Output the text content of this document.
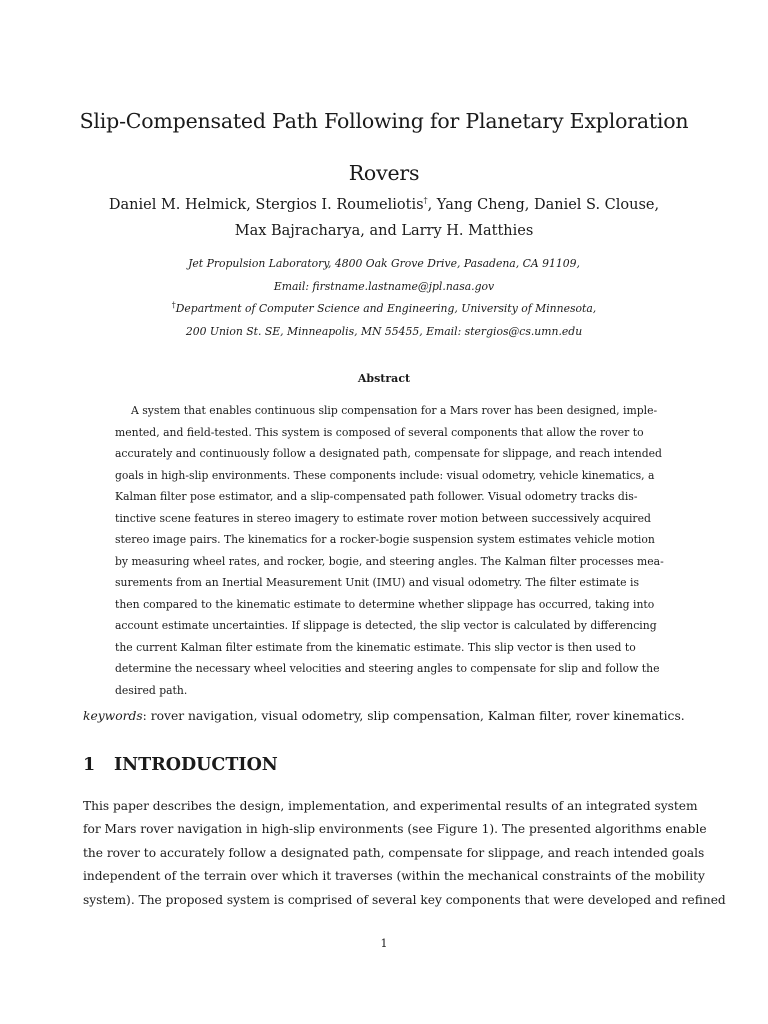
Slip-Compensated Path Following for Planetary Exploration
Rovers
Daniel M. Helmick, Stergios I. Roumeliotis†, Yang Cheng, Daniel S. Clouse,
Max Bajracharya, and Larry H. Matthies
Jet Propulsion Laboratory, 4800 Oak Grove Drive, Pasadena, CA 91109,
Email: firstname.lastname@jpl.nasa.gov
†Department of Computer Science and Engineering, University of Minnesota,
200 Union St. SE, Minneapolis, MN 55455, Email: stergios@cs.umn.edu
Abstract
A system that enables continuous slip compensation for a Mars rover has been designed, imple-
mented, and field-tested. This system is composed of several components that allow the rover to
accurately and continuously follow a designated path, compensate for slippage, and reach intended
goals in high-slip environments. These components include: visual odometry, vehicle kinematics, a
Kalman filter pose estimator, and a slip-compensated path follower. Visual odometry tracks dis-
tinctive scene features in stereo imagery to estimate rover motion between successively acquired
stereo image pairs. The kinematics for a rocker-bogie suspension system estimates vehicle motion
by measuring wheel rates, and rocker, bogie, and steering angles. The Kalman filter processes mea-
surements from an Inertial Measurement Unit (IMU) and visual odometry. The filter estimate is
then compared to the kinematic estimate to determine whether slippage has occurred, taking into
account estimate uncertainties. If slippage is detected, the slip vector is calculated by differencing
the current Kalman filter estimate from the kinematic estimate. This slip vector is then used to
determine the necessary wheel velocities and steering angles to compensate for slip and follow the
desired path.
keywords: rover navigation, visual odometry, slip compensation, Kalman filter, rover kinematics.
1 INTRODUCTION
This paper describes the design, implementation, and experimental results of an integrated system
for Mars rover navigation in high-slip environments (see Figure 1). The presented algorithms enable
the rover to accurately follow a designated path, compensate for slippage, and reach intended goals
independent of the terrain over which it traverses (within the mechanical constraints of the mobility
system). The proposed system is comprised of several key components that were developed and refined
1
